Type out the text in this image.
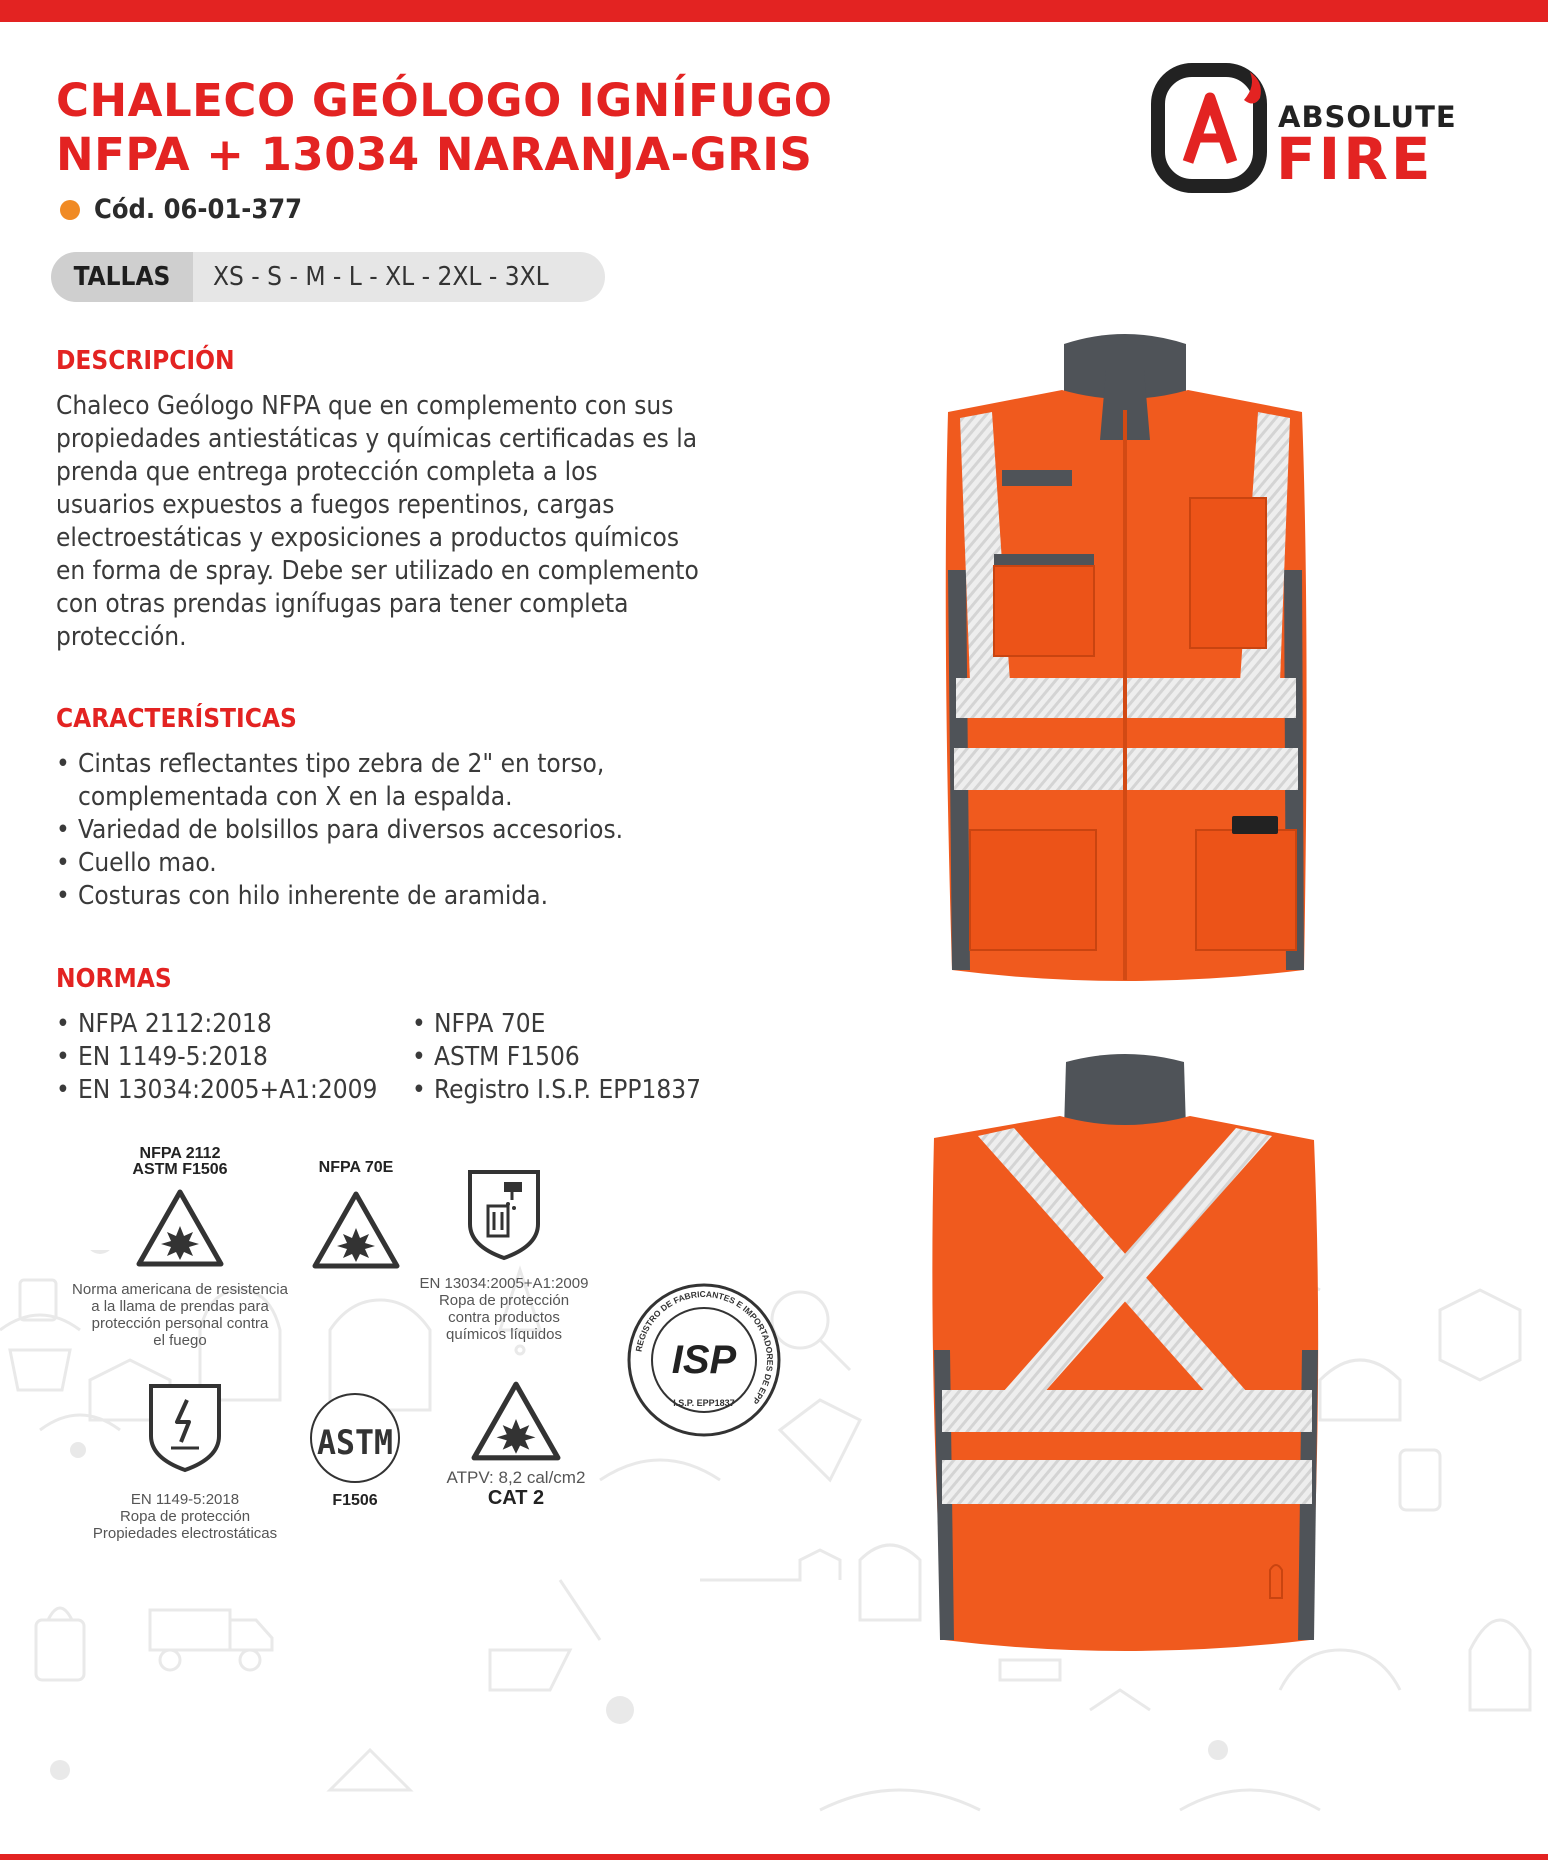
CHALECO GEÓLOGO IGNÍFUGO
NFPA + 13034 NARANJA-GRIS
Cód. 06-01-377
TALLAS	XS - S - M - L - XL - 2XL - 3XL
ABSOLUTE
FIRE
DESCRIPCIÓN
Chaleco Geólogo NFPA que en complemento con sus
propiedades antiestáticas y químicas certificadas es la
prenda que entrega protección completa a los
usuarios expuestos a fuegos repentinos, cargas
electroestáticas y exposiciones a productos químicos
en forma de spray. Debe ser utilizado en complemento
con otras prendas ignífugas para tener completa
protección.
CARACTERÍSTICAS
• Cintas reflectantes tipo zebra de 2" en torso, complementada con X en la espalda.
• Variedad de bolsillos para diversos accesorios.
• Cuello mao.
• Costuras con hilo inherente de aramida.
NORMAS
• NFPA 2112:2018
• EN 1149-5:2018
• EN 13034:2005+A1:2009
• NFPA 70E
• ASTM F1506
• Registro I.S.P. EPP1837
NFPA 2112
ASTM F1506
Norma americana de resistencia
a la llama de prendas para
protección personal contra
el fuego
NFPA 70E
EN 13034:2005+A1:2009
Ropa de protección
contra productos
químicos líquidos
REGISTRO DE FABRICANTES E IMPORTADORES DE EPP
ISP
I.S.P. EPP1837
EN 1149-5:2018
Ropa de protección
Propiedades electrostáticas
ASTM
F1506
ATPV: 8,2 cal/cm2
CAT 2
